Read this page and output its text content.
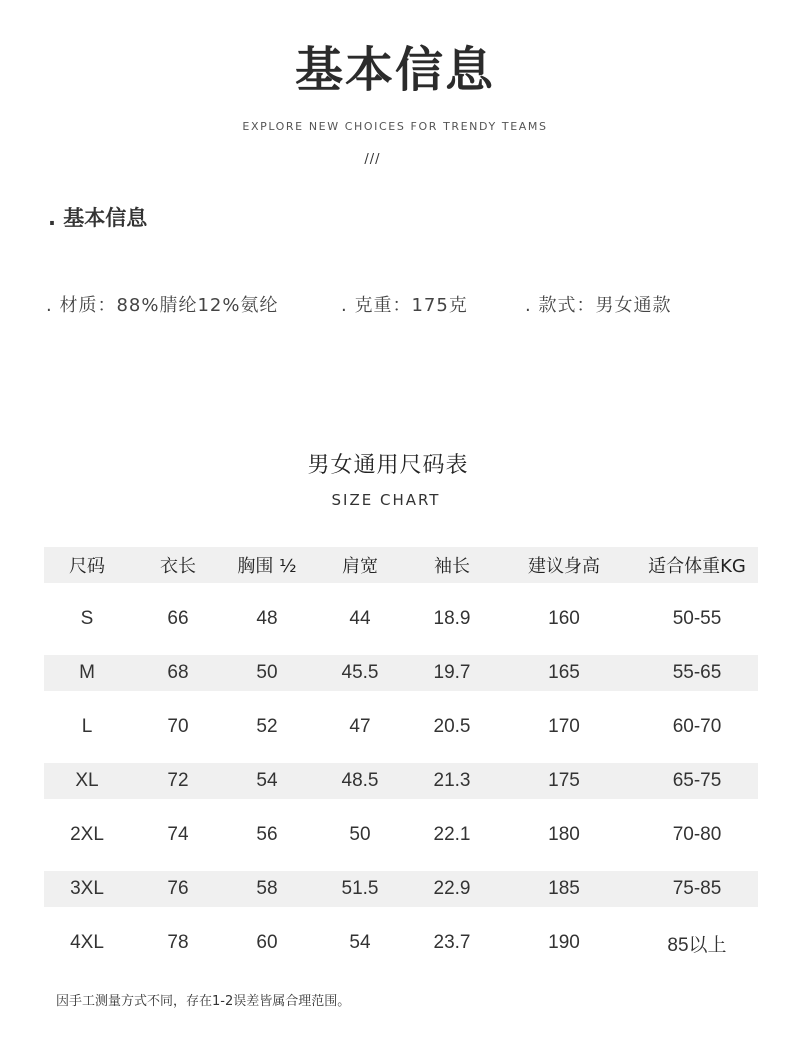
基本信息
EXPLORE NEW CHOICES FOR TRENDY TEAMS
///
. 基本信息
. 材质：88%腈纶12%氨纶	. 克重：175克	. 款式：男女通款
男女通用尺码表
SIZE CHART
尺码	衣长	胸围 ½	肩宽	袖长	建议身高	适合体重KG

S	66	48	44	18.9	160	50-55

M	68	50	45.5	19.7	165	55-65

L	70	52	47	20.5	170	60-70

XL	72	54	48.5	21.3	175	65-75

2XL	74	56	50	22.1	180	70-80

3XL	76	58	51.5	22.9	185	75-85

4XL	78	60	54	23.7	190	85以上
因手工测量方式不同，存在1-2误差皆属合理范围。
